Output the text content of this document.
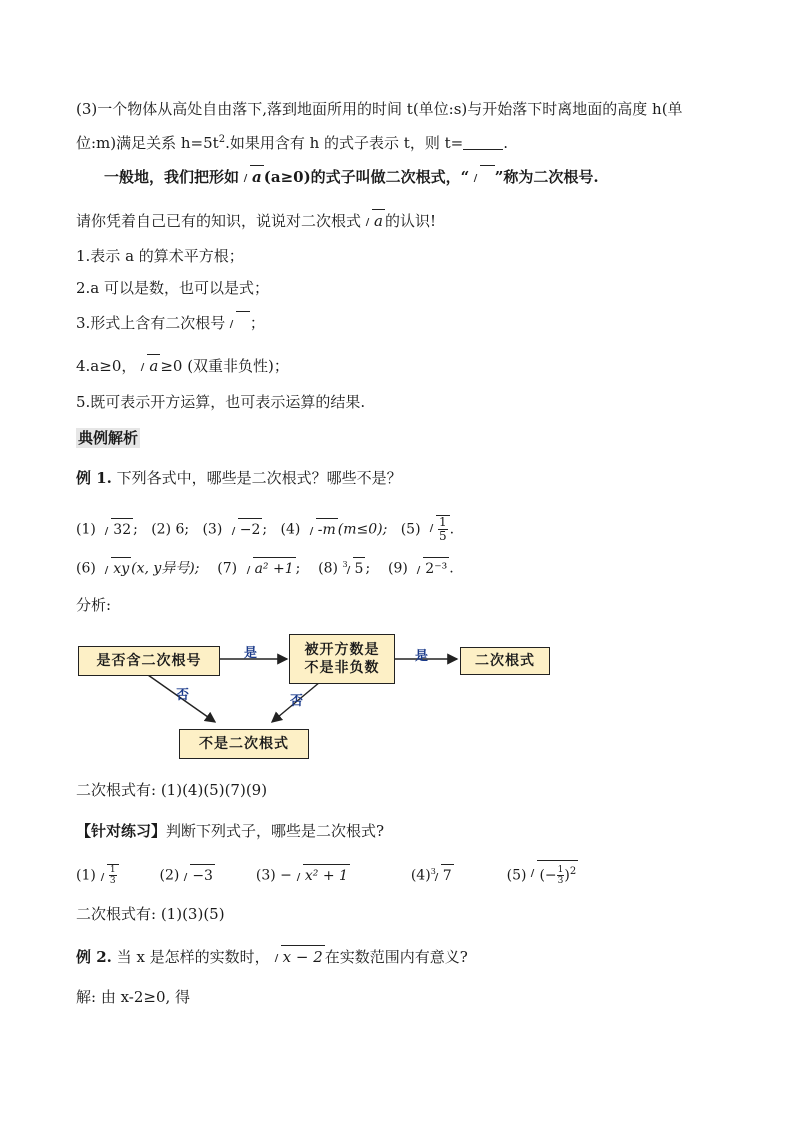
(3)一个物体从高处自由落下,落到地面所用的时间 t(单位:s)与开始落下时离地面的高度 h(单
位:m)满足关系 $h=5t^2$.如果用含有 h 的式子表示 t，则 t=	.
一般地，我们把形如 a (a≥0)的式子叫做二次根式，“ ”称为二次根号.
请你凭着自己已有的知识，说说对二次根式 a 的认识!
1.表示 a 的算术平方根；
2.a 可以是数，也可以是式；
3.形式上含有二次根号 ；
4.a≥0， a ≥0 (双重非负性)；
5.既可表示开方运算，也可表示运算的结果.
典例解析
例 1. 下列各式中，哪些是二次根式？哪些不是？
(1) 32 ; (2) 6; (3) −2 ; (4) -m (m≤0); $(5) \frac{1}{5}$ .
(6) xy (x, y异号); (7) a² +1 ; (8) $^3$ 5 ; (9) 2⁻³ .
分析:
是否含二次根号
被开方数是
不是非负数	二次根式
不是二次根式
是	是
否	否
二次根式有: (1)(4)(5)(7)(9)
【针对练习】判断下列式子，哪些是二次根式?
$(1) \frac{1}{3}$	(2) −3	(3) − x² + 1	$(4)^3$ 7	(5) (− $\frac{1}{3} )^2$
二次根式有: (1)(3)(5)
例 2. 当 x 是怎样的实数时， x − 2 在实数范围内有意义?
解: 由 x-2≥0, 得
